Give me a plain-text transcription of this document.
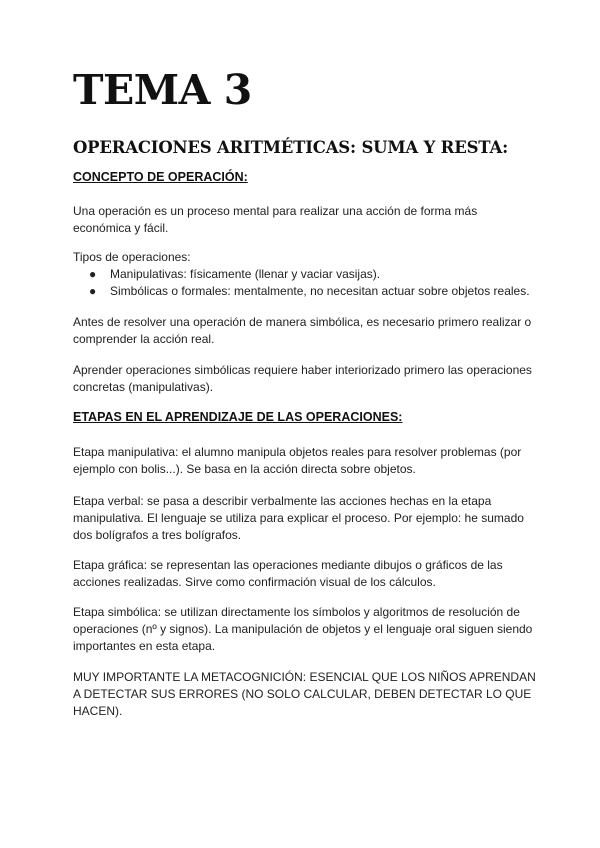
TEMA 3
OPERACIONES ARITMÉTICAS: SUMA Y RESTA:
CONCEPTO DE OPERACIÓN:

Una operación es un proceso mental para realizar una acción de forma más económica y fácil.

Tipos de operaciones:

● Manipulativas: físicamente (llenar y vaciar vasijas).
● Simbólicas o formales: mentalmente, no necesitan actuar sobre objetos reales.

Antes de resolver una operación de manera simbólica, es necesario primero realizar o comprender la acción real.

Aprender operaciones simbólicas requiere haber interiorizado primero las operaciones concretas (manipulativas).

ETAPAS EN EL APRENDIZAJE DE LAS OPERACIONES:

Etapa manipulativa: el alumno manipula objetos reales para resolver problemas (por ejemplo con bolis...). Se basa en la acción directa sobre objetos.

Etapa verbal: se pasa a describir verbalmente las acciones hechas en la etapa manipulativa. El lenguaje se utiliza para explicar el proceso. Por ejemplo: he sumado dos bolígrafos a tres bolígrafos.

Etapa gráfica: se representan las operaciones mediante dibujos o gráficos de las acciones realizadas. Sirve como confirmación visual de los cálculos.

Etapa simbólica: se utilizan directamente los símbolos y algoritmos de resolución de operaciones (nº y signos). La manipulación de objetos y el lenguaje oral siguen siendo importantes en esta etapa.

MUY IMPORTANTE LA METACOGNICIÓN: ESENCIAL QUE LOS NIÑOS APRENDAN A DETECTAR SUS ERRORES (NO SOLO CALCULAR, DEBEN DETECTAR LO QUE HACEN).
